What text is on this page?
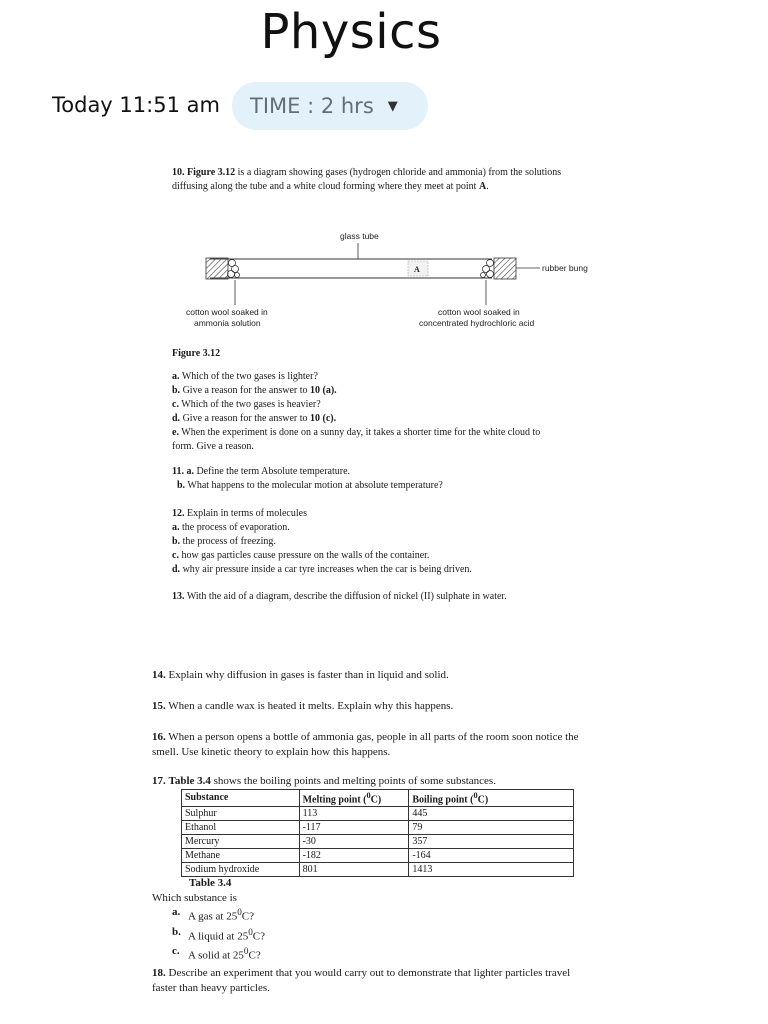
Physics
Today 11:51 am TIME : 2 hrs ▼

10. Figure 3.12 is a diagram showing gases (hydrogen chloride and ammonia) from the solutions

diffusing along the tube and a white cloud forming where they meet at point A.

glass tube
A	rubber bung
cotton wool soaked in
ammonia solution
cotton wool soaked in
concentrated hydrochloric acid
Figure 3.12

a. Which of the two gases is lighter?

b. Give a reason for the answer to 10 (a).

c. Which of the two gases is heavier?

d. Give a reason for the answer to 10 (c).

e. When the experiment is done on a sunny day, it takes a shorter time for the white cloud to

form. Give a reason.

11. a. Define the term Absolute temperature.

b. What happens to the molecular motion at absolute temperature?

12. Explain in terms of molecules

a. the process of evaporation.

b. the process of freezing.

c. how gas particles cause pressure on the walls of the container.

d. why air pressure inside a car tyre increases when the car is being driven.

13. With the aid of a diagram, describe the diffusion of nickel (II) sulphate in water.

14. Explain why diffusion in gases is faster than in liquid and solid.

15. When a candle wax is heated it melts. Explain why this happens.

16. When a person opens a bottle of ammonia gas, people in all parts of the room soon notice the

smell. Use kinetic theory to explain how this happens.

17. Table 3.4 shows the boiling points and melting points of some substances.

Substance	Melting point ($^0$C)	Boiling point ($^0$C)
Sulphur	113	445
Ethanol	-117	79
Mercury	-30	357
Methane	-182	-164
Sodium hydroxide	801	1413
Table 3.4
Which substance is
a. A gas at $25^0C$?
b. A liquid at $25^0C$?
c. A solid at $25^0C$?

18. Describe an experiment that you would carry out to demonstrate that lighter particles travel

faster than heavy particles.
